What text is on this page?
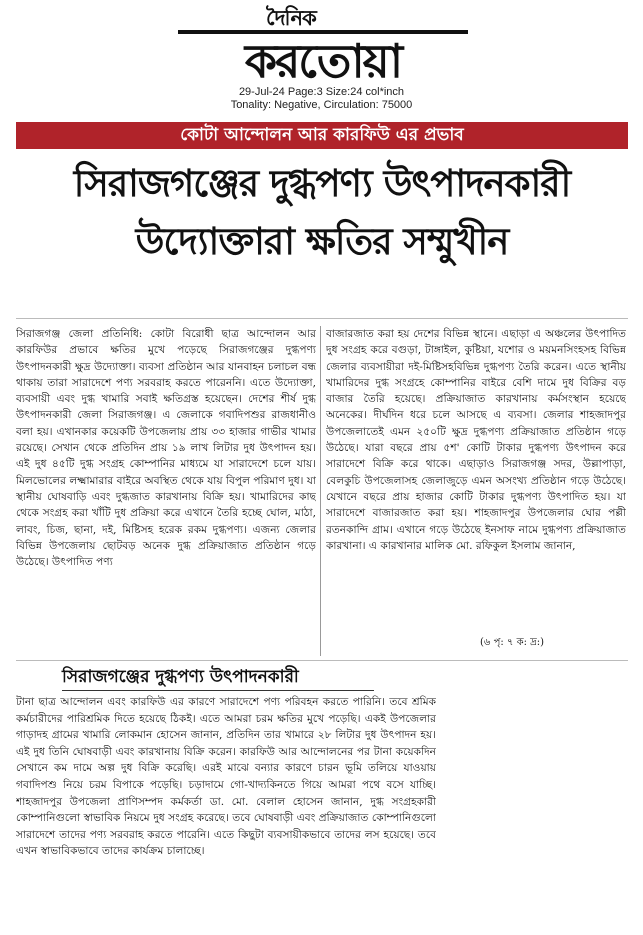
দৈনিক
করতোয়া
29-Jul-24 Page:3 Size:24 col*inch
Tonality: Negative, Circulation: 75000
কোটা আন্দোলন আর কারফিউ এর প্রভাব
সিরাজগঞ্জের দুগ্ধপণ্য উৎপাদনকারী
উদ্যোক্তারা ক্ষতির সম্মুখীন

সিরাজগঞ্জ জেলা প্রতিনিধি: কোটা বিরোধী ছাত্র আন্দোলন আর কারফিউর প্রভাবে ক্ষতির মুখে পড়েছে সিরাজগঞ্জের দুগ্ধপণ্য উৎপাদনকারী ক্ষুদ্র উদ্যোক্তা। ব্যবসা প্রতিষ্ঠান আর যানবাহন চলাচল বন্ধ থাকায় তারা সারাদেশে পণ্য সরবরাহ করতে পারেননি। এতে উদ্যোক্তা, ব্যবসায়ী এবং দুগ্ধ খামারি সবাই ক্ষতিগ্রস্ত হয়েছেন। দেশের শীর্ষ দুগ্ধ উৎপাদনকারী জেলা সিরাজগঞ্জ। এ জেলাকে গবাদিপশুর রাজধানীও বলা হয়। এখানকার কয়েকটি উপজেলায় প্রায় ৩৩ হাজার গাভীর খামার রয়েছে। সেখান থেকে প্রতিদিন প্রায় ১৯ লাখ লিটার দুধ উৎপাদন হয়। এই দুধ ৪৫টি দুগ্ধ সংগ্রহ কোম্পানির মাধ্যমে যা সারাদেশে চলে যায়। মিলভোলের লক্ষ্মামারার বাইরে অবস্থিত থেকে যায় বিপুল পরিমাণ দুধ। যা স্থানীয় ঘোষবাড়ি এবং দুগ্ধজাত কারখানায় বিক্রি হয়। খামারিদের কাছ থেকে সংগ্রহ করা খাঁটি দুধ প্রক্রিয়া করে এখানে তৈরি হচ্ছে ঘোল, মাঠা, লাবং, চিজ, ছানা, দই, মিষ্টিসহ হরেক রকম দুগ্ধপণ্য। এজন্য জেলার বিভিন্ন উপজেলায় ছোটবড় অনেক দুগ্ধ প্রক্রিয়াজাত প্রতিষ্ঠান গড়ে উঠেছে। উৎপাদিত পণ্য

বাজারজাত করা হয় দেশের বিভিন্ন স্থানে। এছাড়া এ অঞ্চলের উৎপাদিত দুধ সংগ্রহ করে বগুড়া, টাঙ্গাইল, কুষ্টিয়া, যশোর ও ময়মনসিংহসহ বিভিন্ন জেলার ব্যবসায়ীরা দই-মিষ্টিসহবিভিন্ন দুগ্ধপণ্য তৈরি করেন। এতে স্থানীয় খামারিদের দুগ্ধ সংগ্রহে কোম্পানির বাইরে বেশি দামে দুধ বিক্রির বড় বাজার তৈরি হয়েছে। প্রক্রিয়াজাত কারখানায় কর্মসংস্থান হয়েছে অনেকের। দীর্ঘদিন ধরে চলে আসছে এ ব্যবসা। জেলার শাহজাদপুর উপজেলাতেই এমন ২৫০টি ক্ষুদ্র দুগ্ধপণ্য প্রক্রিয়াজাত প্রতিষ্ঠান গড়ে উঠেছে। যারা বছরে প্রায় ৫শ' কোটি টাকার দুগ্ধপণ্য উৎপাদন করে সারাদেশে বিক্রি করে থাকে। এছাড়াও সিরাজগঞ্জ সদর, উল্লাপাড়া, বেলকুচি উপজেলাসহ জেলাজুড়ে এমন অসংখ্য প্রতিষ্ঠান গড়ে উঠেছে। যেখানে বছরে প্রায় হাজার কোটি টাকার দুগ্ধপণ্য উৎপাদিত হয়। যা সারাদেশে বাজারজাত করা হয়। শাহজাদপুর উপজেলার ঘোর পল্লী রতনকান্দি গ্রাম। এখানে গড়ে উঠেছে ইনসাফ নামে দুগ্ধপণ্য প্রক্রিয়াজাত কারখানা। এ কারখানার মালিক মো. রফিকুল ইসলাম জানান,

(৬ পৃ: ৭ ক: দ্র:)
সিরাজগঞ্জের দুগ্ধপণ্য উৎপাদনকারী

টানা ছাত্র আন্দোলন এবং কারফিউ এর কারণে সারাদেশে পণ্য পরিবহন করতে পারিনি। তবে শ্রমিক কর্মচারীদের পারিশ্রমিক দিতে হয়েছে ঠিকই। এতে আমরা চরম ক্ষতির মুখে পড়েছি। একই উপজেলার গাড়াদহ গ্রামের খামারি লোকমান হোসেন জানান, প্রতিদিন তার খামারে ২৮ লিটার দুধ উৎপাদন হয়। এই দুধ তিনি ঘোষবাড়ী এবং কারখানায় বিক্রি করেন। কারফিউ আর আন্দোলনের পর টানা কয়েকদিন সেখানে কম দামে অল্প দুধ বিক্রি করেছি। এরই মাঝে বন্যার কারণে চারন ভূমি তলিয়ে যাওয়ায় গবাদিপশু নিয়ে চরম বিপাকে পড়েছি। চড়াদামে গো-খাদ্যকিনতে গিয়ে আমরা পথে বসে যাচ্ছি। শাহজাদপুর উপজেলা প্রাণিসম্পদ কর্মকর্তা ডা. মো. বেলাল হোসেন জানান, দুগ্ধ সংগ্রহকারী কোম্পানিগুলো স্বাভাবিক নিয়মে দুধ সংগ্রহ করেছে। তবে ঘোষবাড়ী এবং প্রক্রিয়াজাত কোম্পানিগুলো সারাদেশে তাদের পণ্য সরবরাহ করতে পারেনি। এতে কিছুটা ব্যবসায়ীকভাবে তাদের লস হয়েছে। তবে এখন স্বাভাবিকভাবে তাদের কার্যক্রম চালাচ্ছে।
